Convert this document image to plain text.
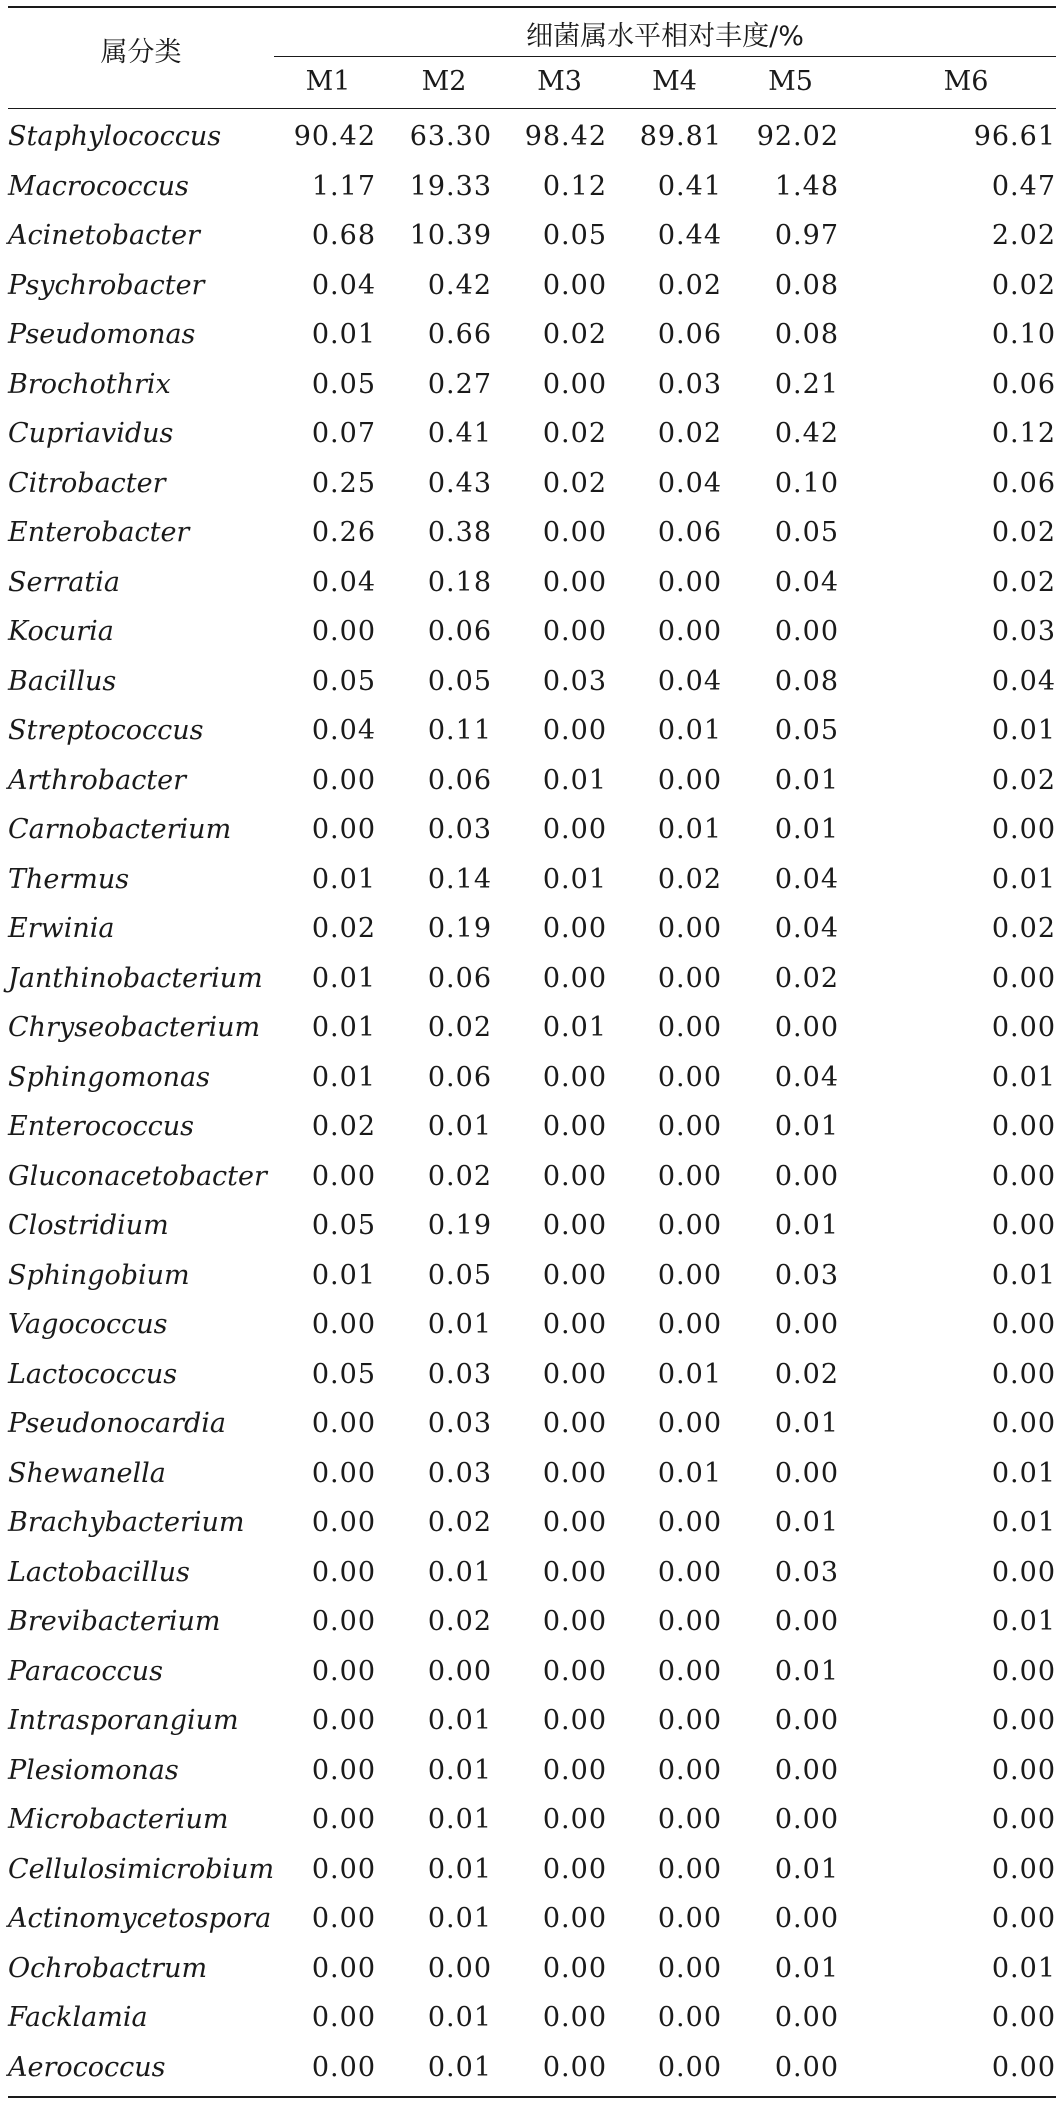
属分类
细菌属水平相对丰度/%
M1	M2	M3	M4	M5	M6
Staphylococcus	90.42	63.30	98.42	89.81	92.02	96.61
Macrococcus	1.17	19.33	0.12	0.41	1.48	0.47
Acinetobacter	0.68	10.39	0.05	0.44	0.97	2.02
Psychrobacter	0.04	0.42	0.00	0.02	0.08	0.02
Pseudomonas	0.01	0.66	0.02	0.06	0.08	0.10
Brochothrix	0.05	0.27	0.00	0.03	0.21	0.06
Cupriavidus	0.07	0.41	0.02	0.02	0.42	0.12
Citrobacter	0.25	0.43	0.02	0.04	0.10	0.06
Enterobacter	0.26	0.38	0.00	0.06	0.05	0.02
Serratia	0.04	0.18	0.00	0.00	0.04	0.02
Kocuria	0.00	0.06	0.00	0.00	0.00	0.03
Bacillus	0.05	0.05	0.03	0.04	0.08	0.04
Streptococcus	0.04	0.11	0.00	0.01	0.05	0.01
Arthrobacter	0.00	0.06	0.01	0.00	0.01	0.02
Carnobacterium	0.00	0.03	0.00	0.01	0.01	0.00
Thermus	0.01	0.14	0.01	0.02	0.04	0.01
Erwinia	0.02	0.19	0.00	0.00	0.04	0.02
Janthinobacterium	0.01	0.06	0.00	0.00	0.02	0.00
Chryseobacterium	0.01	0.02	0.01	0.00	0.00	0.00
Sphingomonas	0.01	0.06	0.00	0.00	0.04	0.01
Enterococcus	0.02	0.01	0.00	0.00	0.01	0.00
Gluconacetobacter	0.00	0.02	0.00	0.00	0.00	0.00
Clostridium	0.05	0.19	0.00	0.00	0.01	0.00
Sphingobium	0.01	0.05	0.00	0.00	0.03	0.01
Vagococcus	0.00	0.01	0.00	0.00	0.00	0.00
Lactococcus	0.05	0.03	0.00	0.01	0.02	0.00
Pseudonocardia	0.00	0.03	0.00	0.00	0.01	0.00
Shewanella	0.00	0.03	0.00	0.01	0.00	0.01
Brachybacterium	0.00	0.02	0.00	0.00	0.01	0.01
Lactobacillus	0.00	0.01	0.00	0.00	0.03	0.00
Brevibacterium	0.00	0.02	0.00	0.00	0.00	0.01
Paracoccus	0.00	0.00	0.00	0.00	0.01	0.00
Intrasporangium	0.00	0.01	0.00	0.00	0.00	0.00
Plesiomonas	0.00	0.01	0.00	0.00	0.00	0.00
Microbacterium	0.00	0.01	0.00	0.00	0.00	0.00
Cellulosimicrobium	0.00	0.01	0.00	0.00	0.01	0.00
Actinomycetospora	0.00	0.01	0.00	0.00	0.00	0.00
Ochrobactrum	0.00	0.00	0.00	0.00	0.01	0.01
Facklamia	0.00	0.01	0.00	0.00	0.00	0.00
Aerococcus	0.00	0.01	0.00	0.00	0.00	0.00
